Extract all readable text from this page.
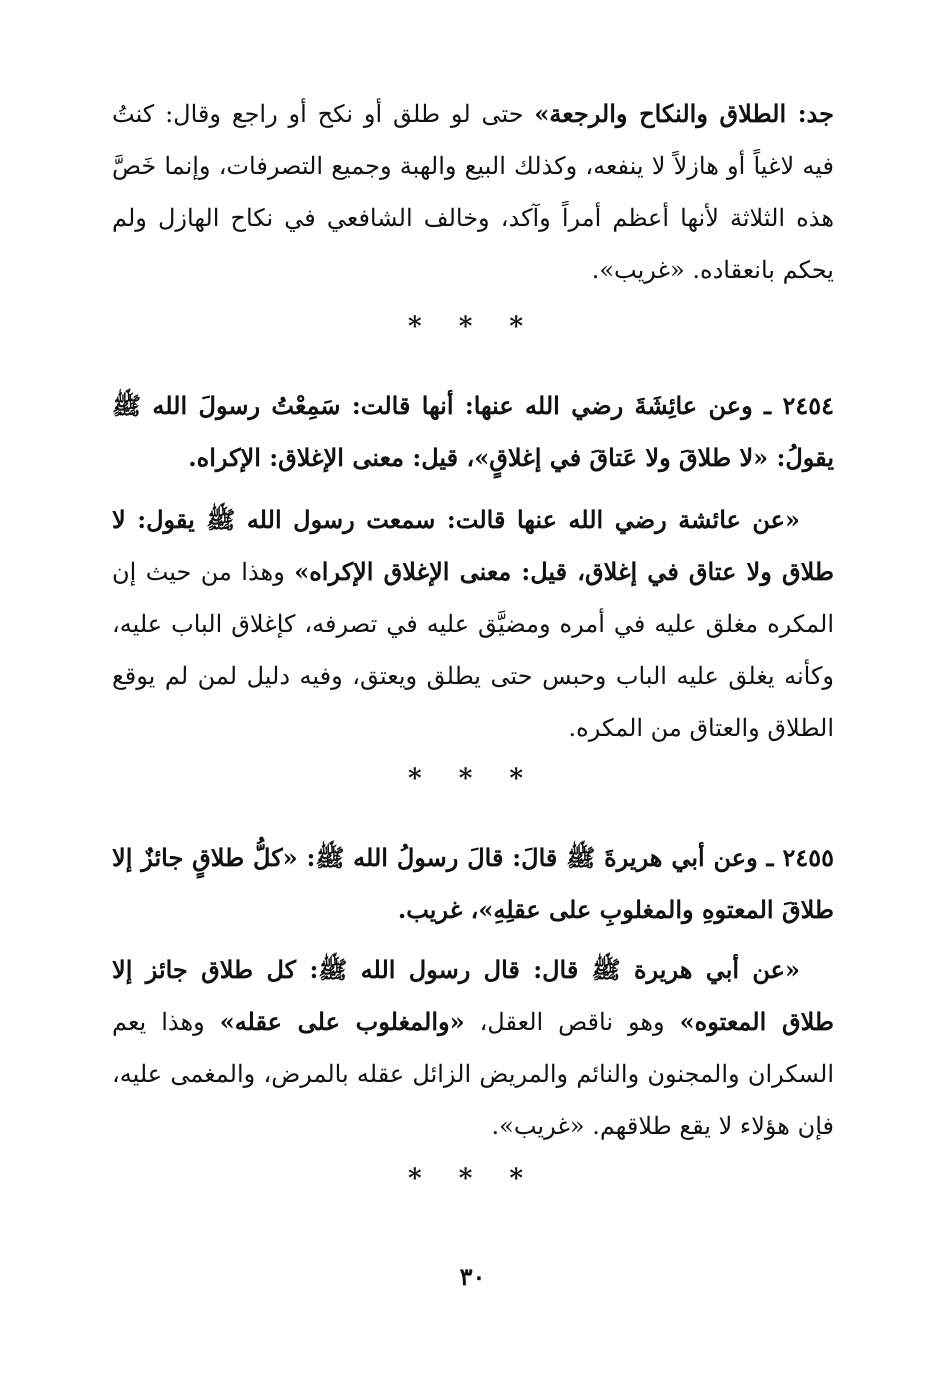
جد: الطلاق والنكاح والرجعة» حتى لو طلق أو نكح أو راجع وقال: كنتُ فيه لاغياً أو هازلاً لا ينفعه، وكذلك البيع والهبة وجميع التصرفات، وإنما خَصَّ هذه الثلاثة لأنها أعظم أمراً وآكد، وخالف الشافعي في نكاح الهازل ولم يحكم بانعقاده. «غريب».

* * *

٢٤٥٤ ـ وعن عائِشَةَ رضي الله عنها: أنها قالت: سَمِعْتُ رسولَ الله ﷺ يقولُ: «لا طلاقَ ولا عَتاقَ في إغلاقٍ»، قيل: معنى الإغلاق: الإكراه.

«عن عائشة رضي الله عنها قالت: سمعت رسول الله ﷺ يقول: لا طلاق ولا عتاق في إغلاق، قيل: معنى الإغلاق الإكراه» وهذا من حيث إن المكره مغلق عليه في أمره ومضيَّق عليه في تصرفه، كإغلاق الباب عليه، وكأنه يغلق عليه الباب وحبس حتى يطلق ويعتق، وفيه دليل لمن لم يوقع الطلاق والعتاق من المكره.

* * *

٢٤٥٥ ـ وعن أبي هريرةَ ﷺ قالَ: قالَ رسولُ الله ﷺ: «كلُّ طلاقٍ جائزٌ إلا طلاقَ المعتوهِ والمغلوبِ على عقلِهِ»، غريب.

«عن أبي هريرة ﷺ قال: قال رسول الله ﷺ: كل طلاق جائز إلا طلاق المعتوه» وهو ناقص العقل، «والمغلوب على عقله» وهذا يعم السكران والمجنون والنائم والمريض الزائل عقله بالمرض، والمغمى عليه، فإن هؤلاء لا يقع طلاقهم. «غريب».

* * *
٣٠
